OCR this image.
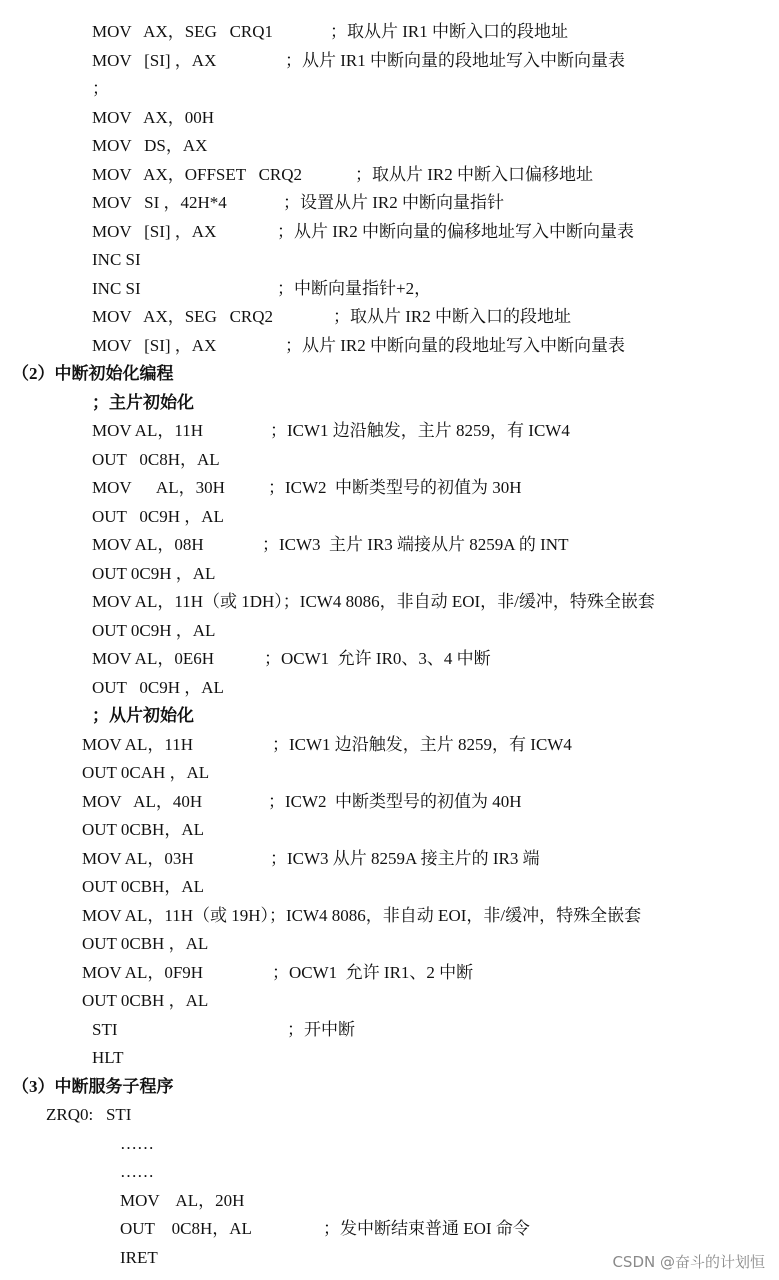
MOV   AX，SEG   CRQ1	；取从片 IR1 中断入口的段地址
MOV   [SI] ，AX	；从片 IR1 中断向量的段地址写入中断向量表
；
MOV   AX，00H
MOV   DS，AX
MOV   AX，OFFSET   CRQ2	；取从片 IR2 中断入口偏移地址
MOV   SI ，42H*4	；设置从片 IR2 中断向量指针
MOV   [SI] ，AX	；从片 IR2 中断向量的偏移地址写入中断向量表
INC SI
INC SI	；中断向量指针+2，
MOV   AX，SEG   CRQ2	；取从片 IR2 中断入口的段地址
MOV   [SI] ，AX	；从片 IR2 中断向量的段地址写入中断向量表
（2）中断初始化编程
；主片初始化
MOV AL，11H	；ICW1 边沿触发，主片 8259，有 ICW4
OUT   0C8H，AL
MOV      AL，30H	；ICW2  中断类型号的初值为 30H
OUT   0C9H ，AL
MOV AL，08H	；ICW3  主片 IR3 端接从片 8259A 的 INT
OUT 0C9H ，AL
MOV AL，11H（或 1DH）；ICW4 8086，非自动 EOI，非/缓冲，特殊全嵌套
OUT 0C9H ，AL
MOV AL，0E6H	；OCW1  允许 IR0、3、4 中断
OUT   0C9H ，AL
；从片初始化
MOV AL，11H	；ICW1 边沿触发，主片 8259，有 ICW4
OUT 0CAH ，AL
MOV   AL，40H	；ICW2  中断类型号的初值为 40H
OUT 0CBH，AL
MOV AL，03H	；ICW3 从片 8259A 接主片的 IR3 端
OUT 0CBH，AL
MOV AL，11H（或 19H）；ICW4 8086，非自动 EOI，非/缓冲，特殊全嵌套
OUT 0CBH ，AL
MOV AL，0F9H	；OCW1  允许 IR1、2 中断
OUT 0CBH ，AL
STI	；开中断
HLT
（3）中断服务子程序
ZRQ0:   STI
……
……
MOV    AL，20H
OUT    0C8H，AL	；发中断结束普通 EOI 命令
IRET	CSDN @奋斗的计划恒
